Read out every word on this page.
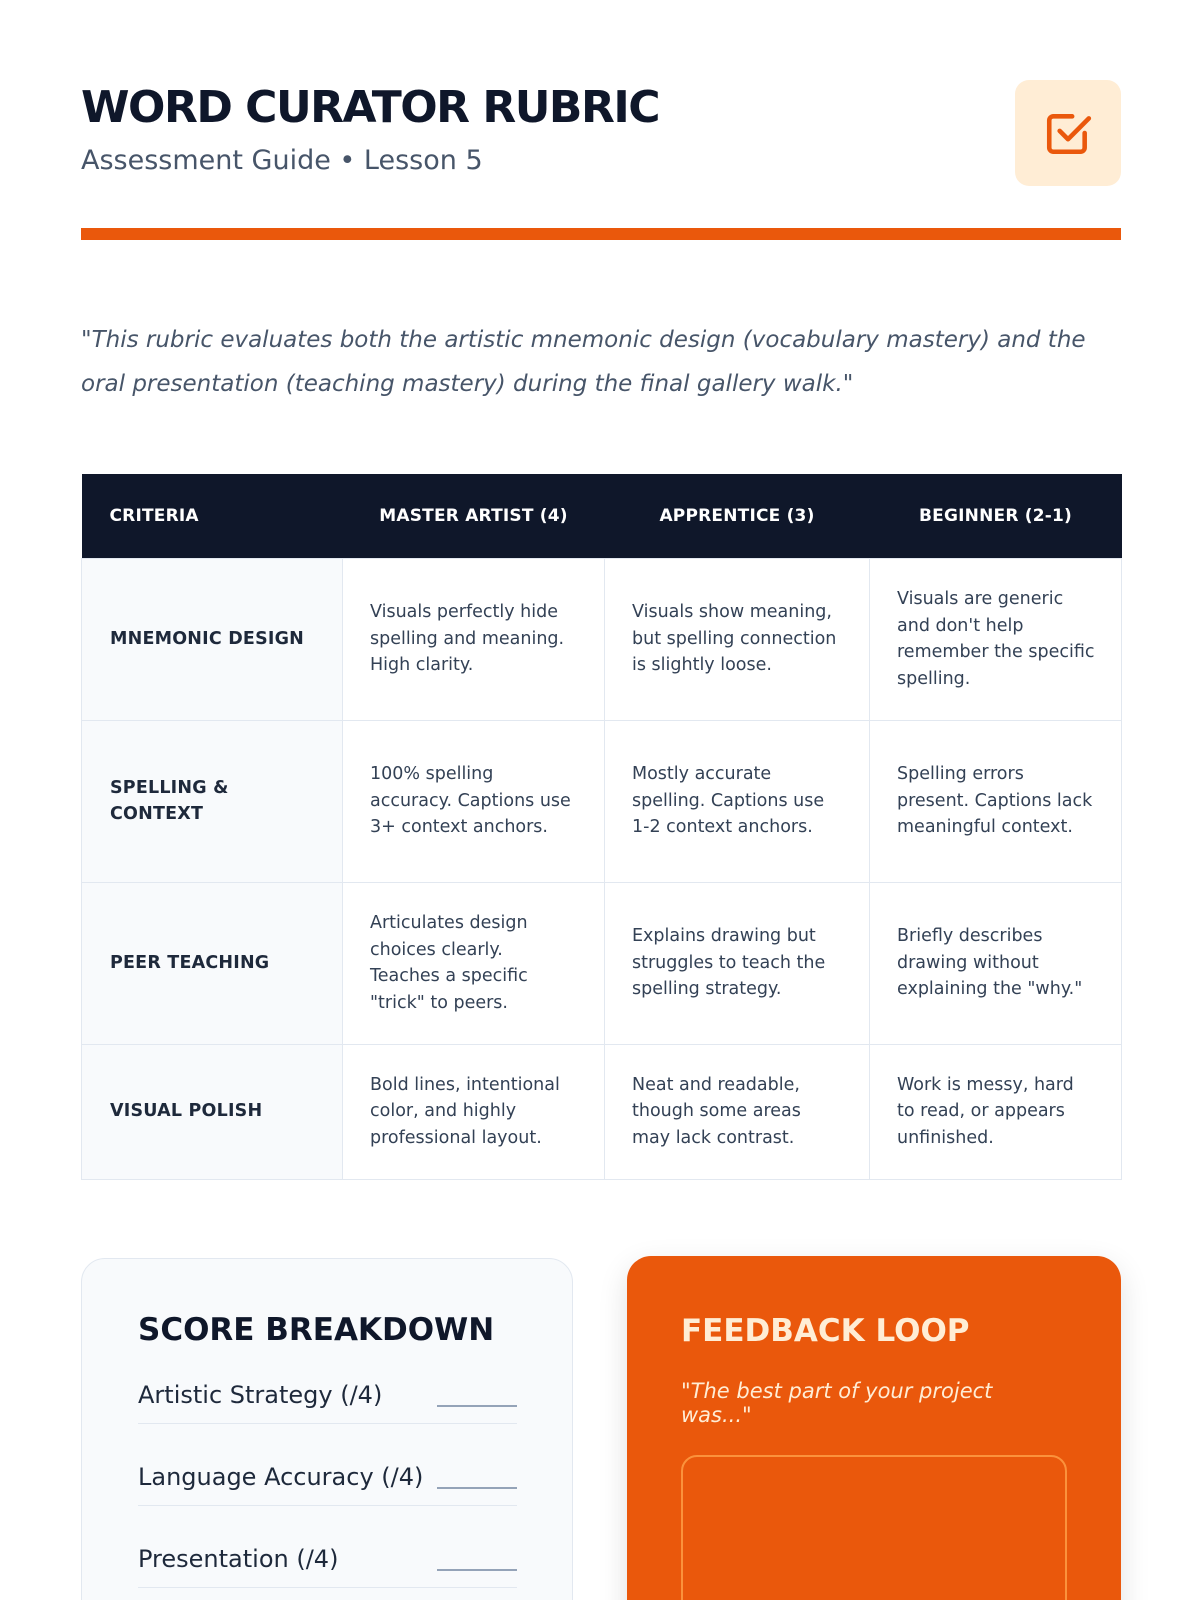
WORD CURATOR RUBRIC
Assessment Guide • Lesson 5

"This rubric evaluates both the artistic mnemonic design (vocabulary mastery) and the oral presentation (teaching mastery) during the final gallery walk."

CRITERIA	MASTER ARTIST (4)	APPRENTICE (3)	BEGINNER (2-1)
MNEMONIC DESIGN	Visuals perfectly hide spelling and meaning. High clarity.	Visuals show meaning, but spelling connection is slightly loose.	Visuals are generic and don't help remember the specific spelling.
SPELLING & CONTEXT	100% spelling accuracy. Captions use 3+ context anchors.	Mostly accurate spelling. Captions use 1-2 context anchors.	Spelling errors present. Captions lack meaningful context.
PEER TEACHING	Articulates design choices clearly. Teaches a specific "trick" to peers.	Explains drawing but struggles to teach the spelling strategy.	Briefly describes drawing without explaining the "why."
VISUAL POLISH	Bold lines, intentional color, and highly professional layout.	Neat and readable, though some areas may lack contrast.	Work is messy, hard to read, or appears unfinished.
SCORE BREAKDOWN
Artistic Strategy (/4)
Language Accuracy (/4)
Presentation (/4)
FEEDBACK LOOP

"The best part of your project was..."
